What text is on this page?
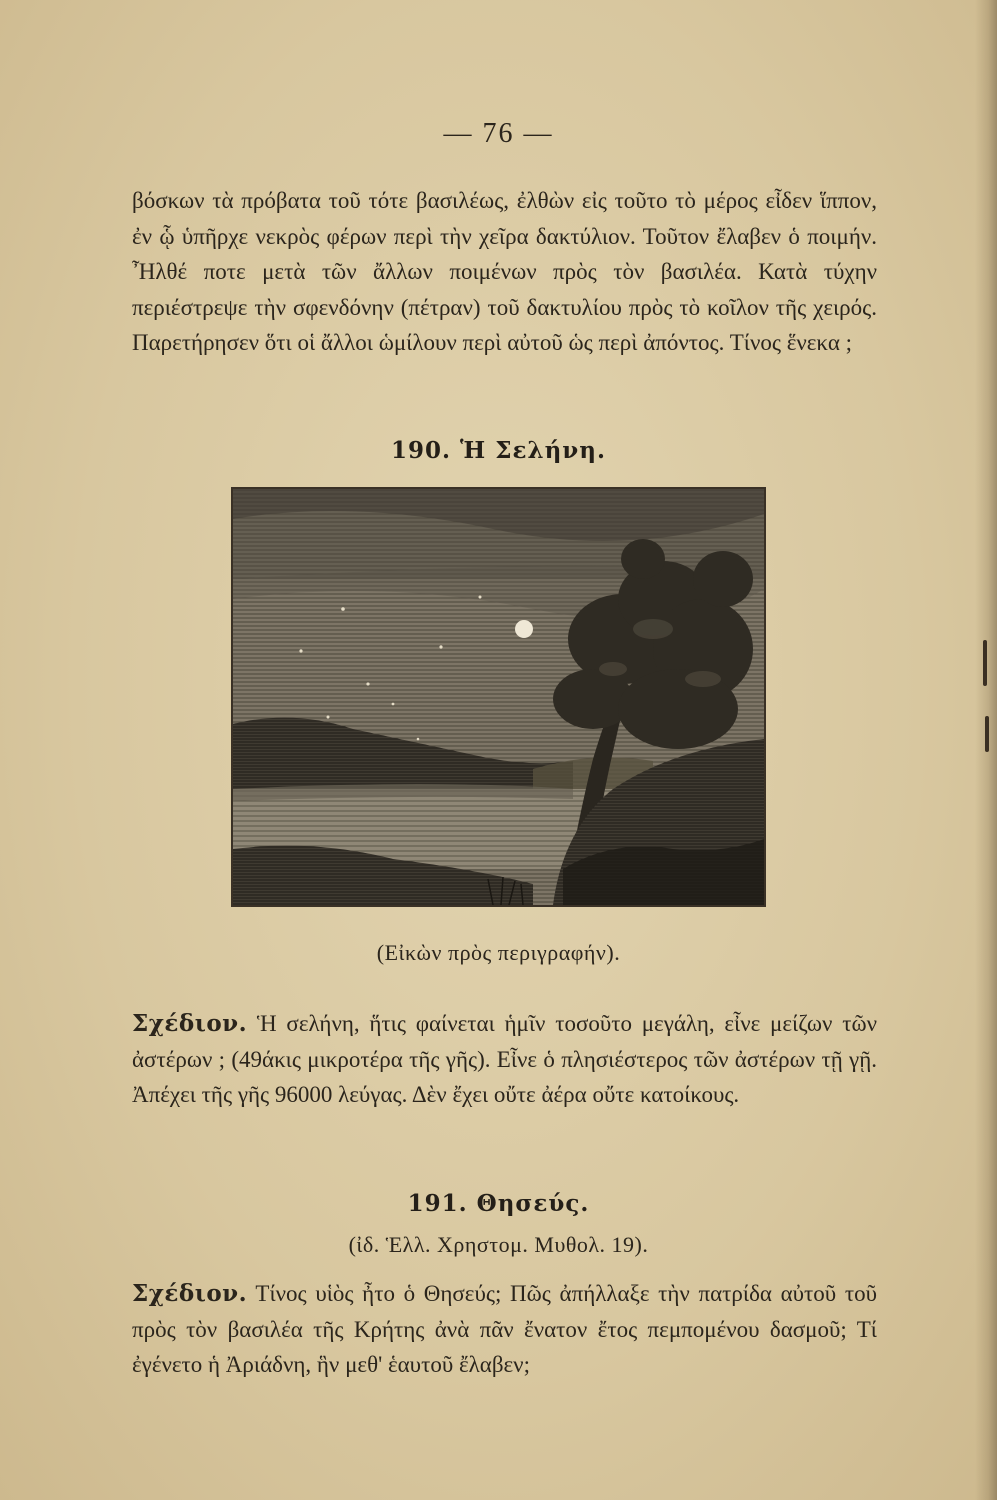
— 76 —
βόσκων τὰ πρόβατα τοῦ τότε βασιλέως, ἐλθὼν εἰς τοῦτο τὸ μέρος εἶδεν ἵππον, ἐν ᾧ ὑπῆρχε νεκρὸς φέρων περὶ τὴν χεῖρα δακτύλιον. Τοῦτον ἔλαβεν ὁ ποιμήν. Ἦλθέ ποτε μετὰ τῶν ἄλλων ποιμένων πρὸς τὸν βασιλέα. Κατὰ τύχην περιέστρεψε τὴν σφενδόνην (πέτραν) τοῦ δακτυλίου πρὸς τὸ κοῖλον τῆς χειρός. Παρετήρησεν ὅτι οἱ ἄλλοι ὡμίλουν περὶ αὐτοῦ ὡς περὶ ἀπόντος. Τίνος ἕνεκα ;
190. Ἡ Σελήνη.
(Εἰκὼν πρὸς περιγραφήν).
Σχέδιον. Ἡ σελήνη, ἥτις φαίνεται ἡμῖν τοσοῦτο μεγάλη, εἶνε μείζων τῶν ἀστέρων ; (49άκις μικροτέρα τῆς γῆς). Εἶνε ὁ πλησιέστερος τῶν ἀστέρων τῇ γῇ. Ἀπέχει τῆς γῆς 96000 λεύγας. Δὲν ἔχει οὔτε ἀέρα οὔτε κατοίκους.
191. Θησεύς.
(ἰδ. Ἑλλ. Χρηστομ. Μυθολ. 19).
Σχέδιον. Τίνος υἱὸς ἦτο ὁ Θησεύς; Πῶς ἀπήλλαξε τὴν πατρίδα αὐτοῦ τοῦ πρὸς τὸν βασιλέα τῆς Κρήτης ἀνὰ πᾶν ἔνατον ἔτος πεμπομένου δασμοῦ; Τί ἐγένετο ἡ Ἀριάδνη, ἣν μεθ' ἑαυτοῦ ἔλαβεν;
